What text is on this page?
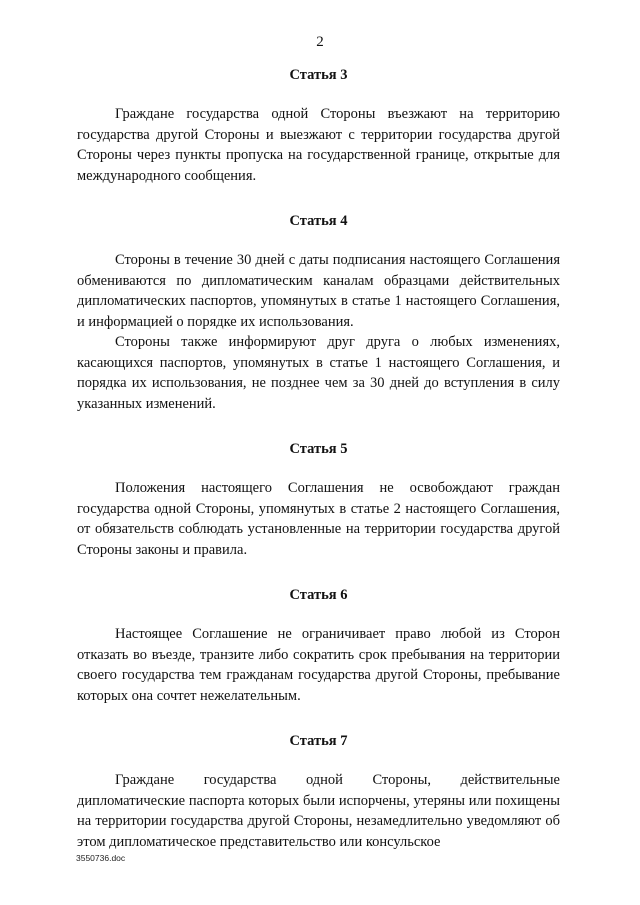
2
Статья 3

Граждане государства одной Стороны въезжают на территорию государства другой Стороны и выезжают с территории государства другой Стороны через пункты пропуска на государственной границе, открытые для международного сообщения.

Статья 4

Стороны в течение 30 дней с даты подписания настоящего Соглашения обмениваются по дипломатическим каналам образцами действительных дипломатических паспортов, упомянутых в статье 1 настоящего Соглашения, и информацией о порядке их использования.

Стороны также информируют друг друга о любых изменениях, касающихся паспортов, упомянутых в статье 1 настоящего Соглашения, и порядка их использования, не позднее чем за 30 дней до вступления в силу указанных изменений.

Статья 5

Положения настоящего Соглашения не освобождают граждан государства одной Стороны, упомянутых в статье 2 настоящего Соглашения, от обязательств соблюдать установленные на территории государства другой Стороны законы и правила.

Статья 6

Настоящее Соглашение не ограничивает право любой из Сторон отказать во въезде, транзите либо сократить срок пребывания на территории своего государства тем гражданам государства другой Стороны, пребывание которых она сочтет нежелательным.

Статья 7

Граждане государства одной Стороны, действительные дипломатические паспорта которых были испорчены, утеряны или похищены на территории государства другой Стороны, незамедлительно уведомляют об этом дипломатическое представительство или консульское

3550736.doc
